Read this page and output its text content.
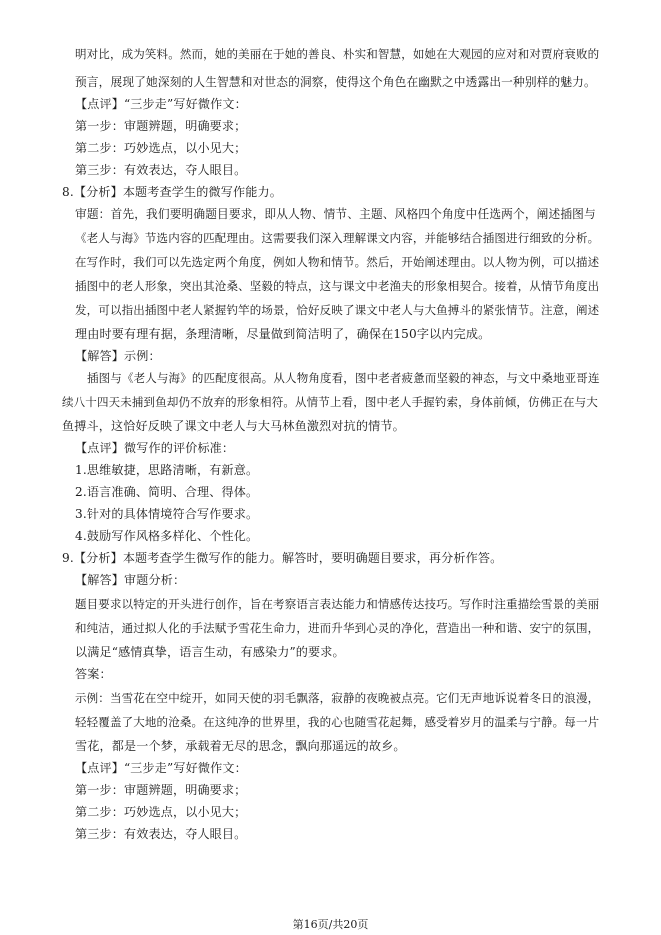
明对比，成为笑料。然而，她的美丽在于她的善良、朴实和智慧，如她在大观园的应对和对贾府衰败的
预言，展现了她深刻的人生智慧和对世态的洞察，使得这个角色在幽默之中透露出一种别样的魅力。
【点评】“三步走”写好微作文：
第一步：审题辨题，明确要求；
第二步：巧妙选点，以小见大；
第三步：有效表达，夺人眼目。
8.【分析】本题考查学生的微写作能力。
审题：首先，我们要明确题目要求，即从人物、情节、主题、风格四个角度中任选两个，阐述插图与
《老人与海》节选内容的匹配理由。这需要我们深入理解课文内容，并能够结合插图进行细致的分析。
在写作时，我们可以先选定两个角度，例如人物和情节。然后，开始阐述理由。以人物为例，可以描述
插图中的老人形象，突出其沧桑、坚毅的特点，这与课文中老渔夫的形象相契合。接着，从情节角度出
发，可以指出插图中老人紧握钓竿的场景，恰好反映了课文中老人与大鱼搏斗的紧张情节。注意，阐述
理由时要有理有据，条理清晰，尽量做到简洁明了，确保在150字以内完成。
【解答】示例：
插图与《老人与海》的匹配度很高。从人物角度看，图中老者疲惫而坚毅的神态，与文中桑地亚哥连
续八十四天未捕到鱼却仍不放弃的形象相符。从情节上看，图中老人手握钓索，身体前倾，仿佛正在与大
鱼搏斗，这恰好反映了课文中老人与大马林鱼激烈对抗的情节。
【点评】微写作的评价标准：
1.思维敏捷，思路清晰，有新意。
2.语言准确、简明、合理、得体。
3.针对的具体情境符合写作要求。
4.鼓励写作风格多样化、个性化。
9.【分析】本题考查学生微写作的能力。解答时，要明确题目要求，再分析作答。
【解答】审题分析：
题目要求以特定的开头进行创作，旨在考察语言表达能力和情感传达技巧。写作时注重描绘雪景的美丽
和纯洁，通过拟人化的手法赋予雪花生命力，进而升华到心灵的净化，营造出一种和谐、安宁的氛围，
以满足“感情真挚，语言生动，有感染力”的要求。
答案：
示例：当雪花在空中绽开，如同天使的羽毛飘落，寂静的夜晚被点亮。它们无声地诉说着冬日的浪漫，
轻轻覆盖了大地的沧桑。在这纯净的世界里，我的心也随雪花起舞，感受着岁月的温柔与宁静。每一片
雪花，都是一个梦，承载着无尽的思念，飘向那遥远的故乡。
【点评】“三步走”写好微作文：
第一步：审题辨题，明确要求；
第二步：巧妙选点，以小见大；
第三步：有效表达，夺人眼目。
第16页/共20页
